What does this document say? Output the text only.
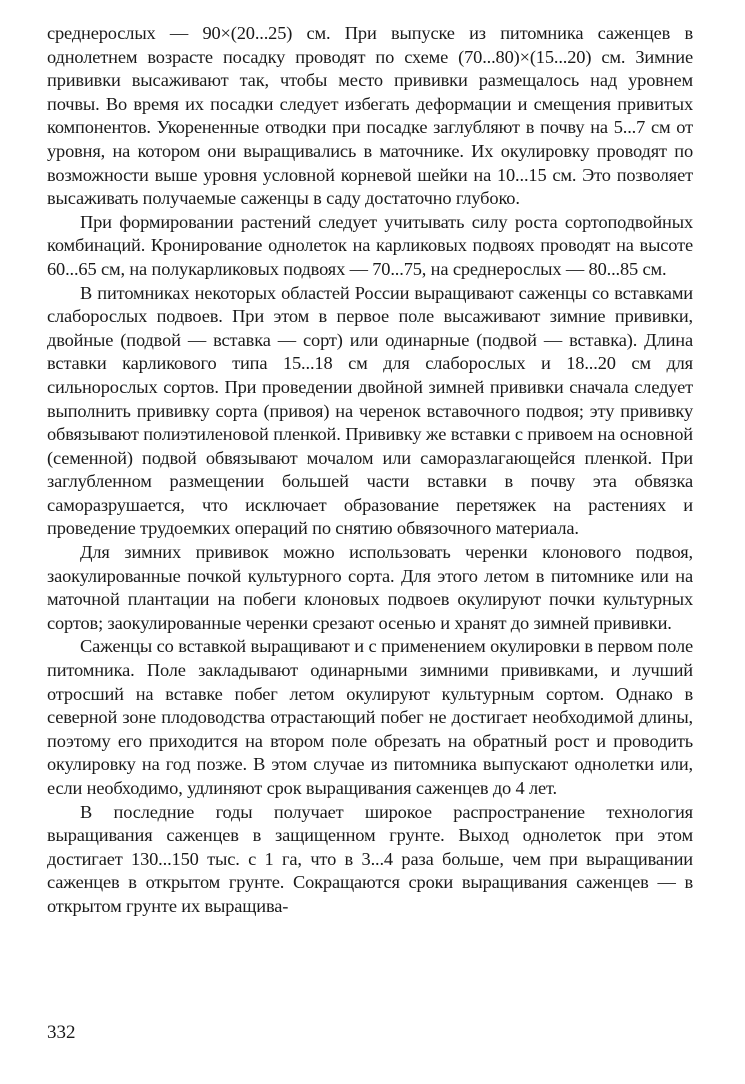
среднерослых — 90×(20...25) см. При выпуске из питомника саженцев в однолетнем возрасте посадку проводят по схеме (70...80)×(15...20) см. Зимние прививки высаживают так, чтобы место прививки размещалось над уровнем почвы. Во время их посадки следует избегать деформации и смещения привитых компонентов. Укорененные отводки при посадке заглубляют в почву на 5...7 см от уровня, на котором они выращивались в маточнике. Их окулировку проводят по возможности выше уровня условной корневой шейки на 10...15 см. Это позволяет высаживать получаемые саженцы в саду достаточно глубоко.

При формировании растений следует учитывать силу роста сортоподвойных комбинаций. Кронирование однолеток на карликовых подвоях проводят на высоте 60...65 см, на полукарликовых подвоях — 70...75, на среднерослых — 80...85 см.

В питомниках некоторых областей России выращивают саженцы со вставками слаборослых подвоев. При этом в первое поле высаживают зимние прививки, двойные (подвой — вставка — сорт) или одинарные (подвой — вставка). Длина вставки карликового типа 15...18 см для слаборослых и 18...20 см для сильнорослых сортов. При проведении двойной зимней прививки сначала следует выполнить прививку сорта (привоя) на черенок вставочного подвоя; эту прививку обвязывают полиэтиленовой пленкой. Прививку же вставки с привоем на основной (семенной) подвой обвязывают мочалом или саморазлагающейся пленкой. При заглубленном размещении большей части вставки в почву эта обвязка саморазрушается, что исключает образование перетяжек на растениях и проведение трудоемких операций по снятию обвязочного материала.

Для зимних прививок можно использовать черенки клонового подвоя, заокулированные почкой культурного сорта. Для этого летом в питомнике или на маточной плантации на побеги клоновых подвоев окулируют почки культурных сортов; заокулированные черенки срезают осенью и хранят до зимней прививки.

Саженцы со вставкой выращивают и с применением окулировки в первом поле питомника. Поле закладывают одинарными зимними прививками, и лучший отросший на вставке побег летом окулируют культурным сортом. Однако в северной зоне плодоводства отрастающий побег не достигает необходимой длины, поэтому его приходится на втором поле обрезать на обратный рост и проводить окулировку на год позже. В этом случае из питомника выпускают однолетки или, если необходимо, удлиняют срок выращивания саженцев до 4 лет.

В последние годы получает широкое распространение технология выращивания саженцев в защищенном грунте. Выход однолеток при этом достигает 130...150 тыс. с 1 га, что в 3...4 раза больше, чем при выращивании саженцев в открытом грунте. Сокращаются сроки выращивания саженцев — в открытом грунте их выращива-

332
